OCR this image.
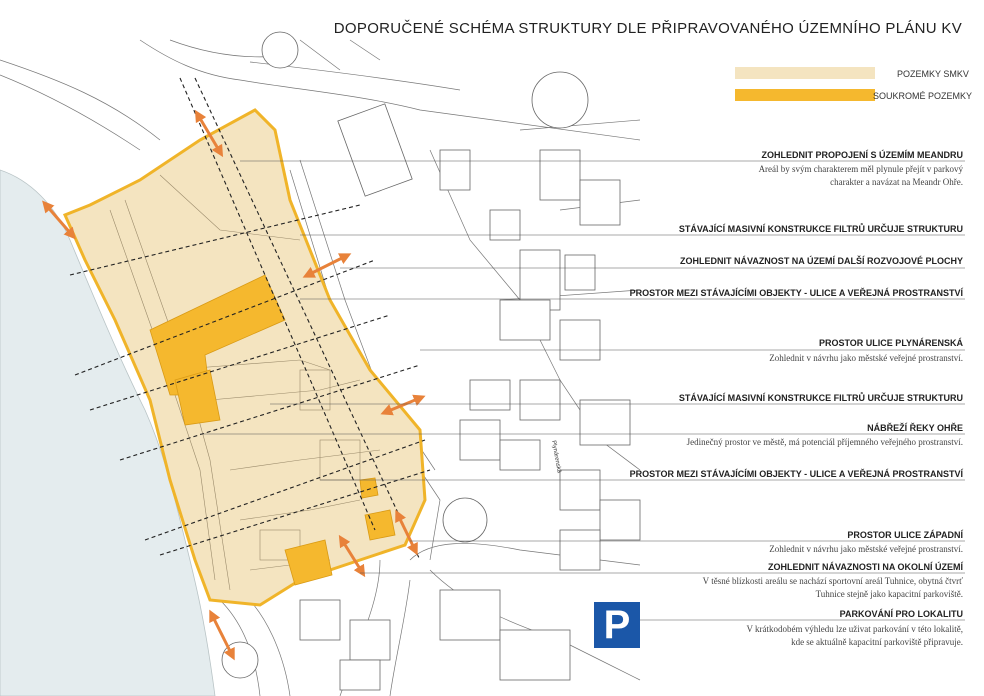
DOPORUČENÉ SCHÉMA STRUKTURY DLE PŘIPRAVOVANÉHO ÚZEMNÍHO PLÁNU KV
POZEMKY SMKV
SOUKROMÉ POZEMKY
ZOHLEDNIT PROPOJENÍ S ÚZEMÍM MEANDRU
Areál by svým charakterem měl plynule přejít v parkový
charakter a navázat na Meandr Ohře.
STÁVAJÍCÍ MASIVNÍ KONSTRUKCE FILTRŮ URČUJE STRUKTURU
ZOHLEDNIT NÁVAZNOST NA ÚZEMÍ DALŠÍ ROZVOJOVÉ PLOCHY
PROSTOR MEZI STÁVAJÍCÍMI OBJEKTY - ULICE A VEŘEJNÁ PROSTRANSTVÍ
PROSTOR ULICE PLYNÁRENSKÁ
Zohlednit v návrhu jako městské veřejné prostranství.
STÁVAJÍCÍ MASIVNÍ KONSTRUKCE FILTRŮ URČUJE STRUKTURU
NÁBŘEŽÍ ŘEKY OHŘE
Jedinečný prostor ve městě, má potenciál příjemného veřejného prostranství.
PROSTOR MEZI STÁVAJÍCÍMI OBJEKTY - ULICE A VEŘEJNÁ PROSTRANSTVÍ
PROSTOR ULICE ZÁPADNÍ
Zohlednit v návrhu jako městské veřejné prostranství.
ZOHLEDNIT NÁVAZNOSTI NA OKOLNÍ ÚZEMÍ
V těsné blízkosti areálu se nachází sportovní areál Tuhnice, obytná čtvrť
Tuhnice stejně jako kapacitní parkoviště.
PARKOVÁNÍ PRO LOKALITU
V krátkodobém výhledu lze uživat parkování v této lokalitě,
kde se aktuálně kapacitní parkoviště připravuje.
P
Plynárenská
